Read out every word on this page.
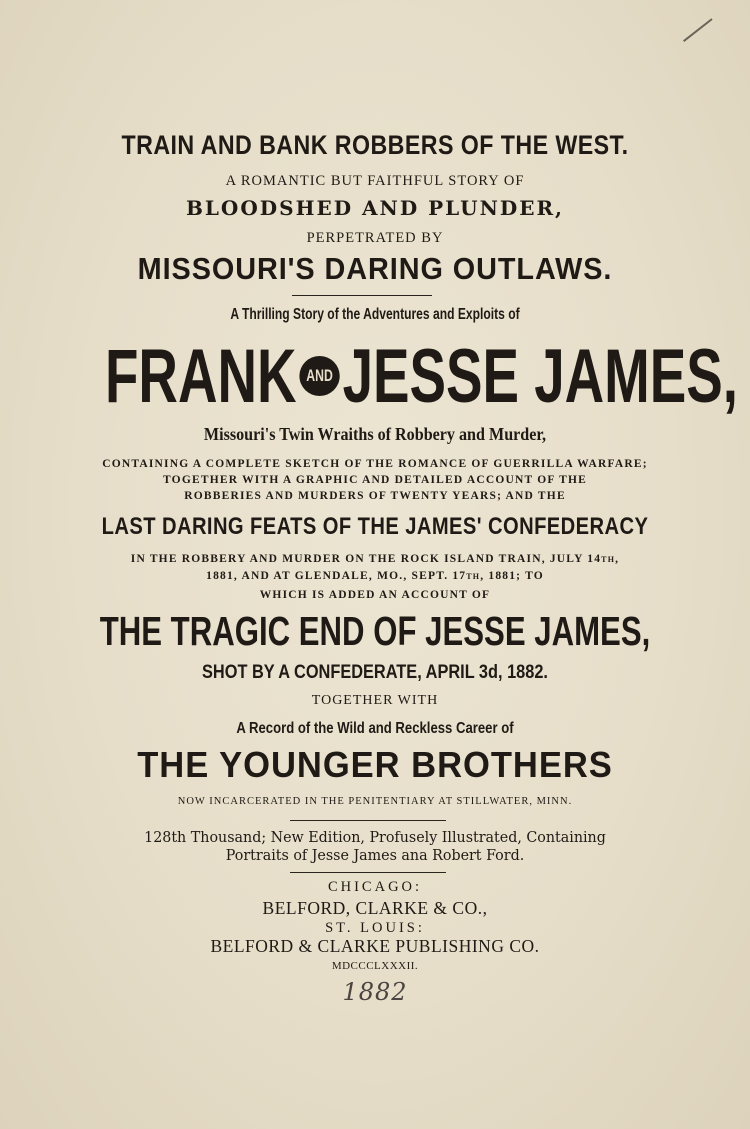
TRAIN AND BANK ROBBERS OF THE WEST.
A ROMANTIC BUT FAITHFUL STORY OF
BLOODSHED AND PLUNDER,
PERPETRATED BY
MISSOURI'S DARING OUTLAWS.
A Thrilling Story of the Adventures and Exploits of
FRANK AND JESSE JAMES,
Missouri's Twin Wraiths of Robbery and Murder,
CONTAINING A COMPLETE SKETCH OF THE ROMANCE OF GUERRILLA WARFARE;
TOGETHER WITH A GRAPHIC AND DETAILED ACCOUNT OF THE
ROBBERIES AND MURDERS OF TWENTY YEARS; AND THE
LAST DARING FEATS OF THE JAMES' CONFEDERACY
IN THE ROBBERY AND MURDER ON THE ROCK ISLAND TRAIN, JULY 14th,
1881, AND AT GLENDALE, MO., SEPT. 17th, 1881; TO
WHICH IS ADDED AN ACCOUNT OF
THE TRAGIC END OF JESSE JAMES,
SHOT BY A CONFEDERATE, APRIL 3d, 1882.
TOGETHER WITH
A Record of the Wild and Reckless Career of
THE YOUNGER BROTHERS
NOW INCARCERATED IN THE PENITENTIARY AT STILLWATER, MINN.
128th Thousand; New Edition, Profusely Illustrated, Containing
Portraits of Jesse James ana Robert Ford.
CHICAGO:
BELFORD, CLARKE & CO.,
ST. LOUIS:
BELFORD & CLARKE PUBLISHING CO.
MDCCCLXXXII.
1882
